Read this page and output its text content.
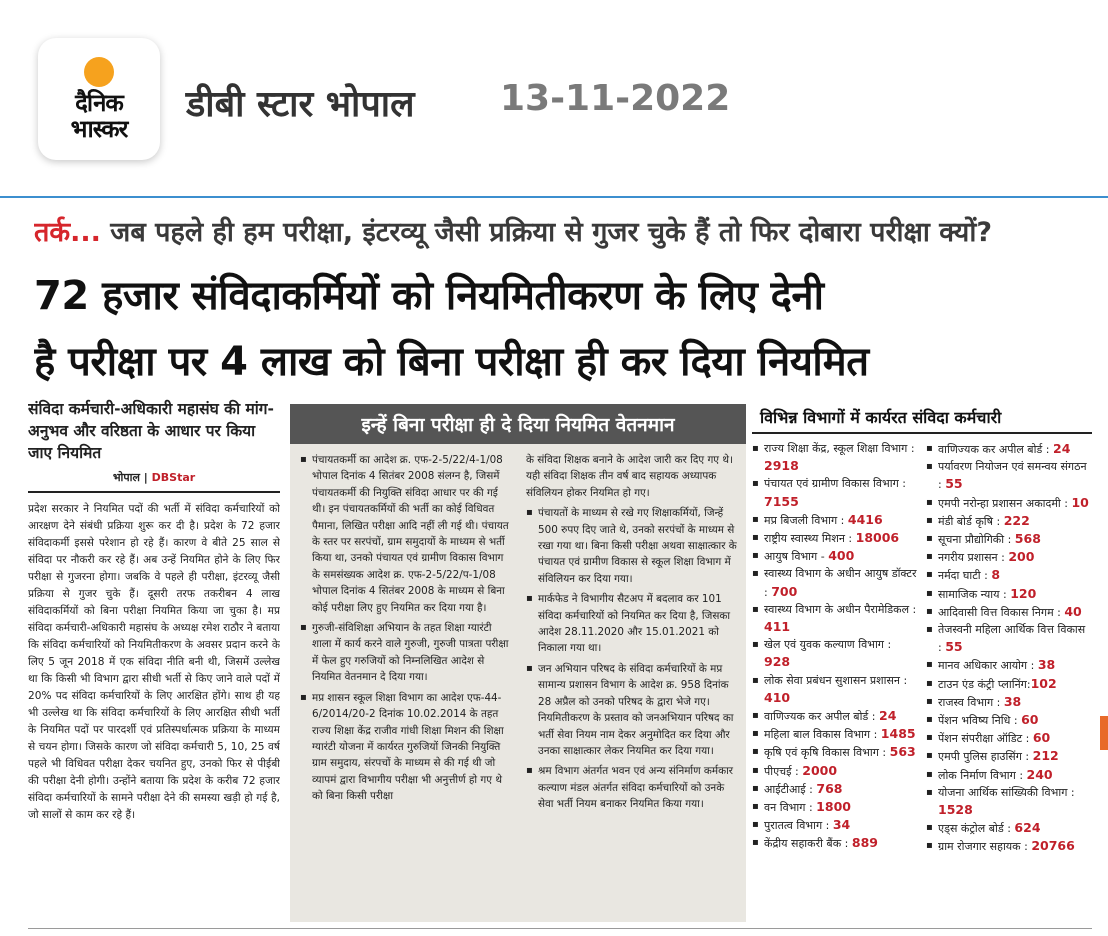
दैनिक
भास्कर
डीबी स्टार भोपाल 13-11-2022
तर्क... जब पहले ही हम परीक्षा, इंटरव्यू जैसी प्रक्रिया से गुजर चुके हैं तो फिर दोबारा परीक्षा क्यों?
72 हजार संविदाकर्मियों को नियमितीकरण के लिए देनी
है परीक्षा पर 4 लाख को बिना परीक्षा ही कर दिया नियमित
संविदा कर्मचारी-अधिकारी महासंघ की मांग- अनुभव और वरिष्ठता के आधार पर किया जाए नियमित
भोपाल | DBStar
प्रदेश सरकार ने नियमित पदों की भर्ती में संविदा कर्मचारियों को आरक्षण देने संबंधी प्रक्रिया शुरू कर दी है। प्रदेश के 72 हजार संविदाकर्मी इससे परेशान हो रहे हैं। कारण वे बीते 25 साल से संविदा पर नौकरी कर रहे हैं। अब उन्हें नियमित होने के लिए फिर परीक्षा से गुजरना होगा। जबकि वे पहले ही परीक्षा, इंटरव्यू जैसी प्रक्रिया से गुजर चुके हैं। दूसरी तरफ तकरीबन 4 लाख संविदाकर्मियों को बिना परीक्षा नियमित किया जा चुका है। मप्र संविदा कर्मचारी-अधिकारी महासंघ के अध्यक्ष रमेश राठौर ने बताया कि संविदा कर्मचारियों को नियमितीकरण के अवसर प्रदान करने के लिए 5 जून 2018 में एक संविदा नीति बनी थी, जिसमें उल्लेख था कि किसी भी विभाग द्वारा सीधी भर्ती से किए जाने वाले पदों में 20% पद संविदा कर्मचारियों के लिए आरक्षित होंगे। साथ ही यह भी उल्लेख था कि संविदा कर्मचारियों के लिए आरक्षित सीधी भर्ती के नियमित पदों पर पारदर्शी एवं प्रतिस्पर्धात्मक प्रक्रिया के माध्यम से चयन होगा। जिसके कारण जो संविदा कर्मचारी 5, 10, 25 वर्ष पहले भी विधिवत परीक्षा देकर चयनित हुए, उनको फिर से पीईबी की परीक्षा देनी होगी। उन्होंने बताया कि प्रदेश के करीब 72 हजार संविदा कर्मचारियों के सामने परीक्षा देने की समस्या खड़ी हो गई है, जो सालों से काम कर रहे हैं।
इन्हें बिना परीक्षा ही दे दिया नियमित वेतनमान
▪ पंचायतकर्मी का आदेश क्र. एफ-2-5/22/4-1/08 भोपाल दिनांक 4 सितंबर 2008 संलग्न है, जिसमें पंचायतकर्मी की नियुक्ति संविदा आधार पर की गई थी। इन पंचायतकर्मियों की भर्ती का कोई विधिवत पैमाना, लिखित परीक्षा आदि नहीं ली गई थी। पंचायत के स्तर पर सरपंचों, ग्राम समुदायों के माध्यम से भर्ती किया था, उनको पंचायत एवं ग्रामीण विकास विभाग के समसंख्यक आदेश क्र. एफ-2-5/22/प-1/08 भोपाल दिनांक 4 सितंबर 2008 के माध्यम से बिना कोई परीक्षा लिए हुए नियमित कर दिया गया है।
▪ गुरुजी-संविशिक्षा अभियान के तहत शिक्षा ग्यारंटी शाला में कार्य करने वाले गुरुजी, गुरुजी पात्रता परीक्षा में फेल हुए गरुजियों को निम्नलिखित आदेश से नियमित वेतनमान दे दिया गया।
▪ मप्र शासन स्कूल शिक्षा विभाग का आदेश एफ-44-6/2014/20-2 दिनांक 10.02.2014 के तहत राज्य शिक्षा केंद्र राजीव गांधी शिक्षा मिशन की शिक्षा ग्यारंटी योजना में कार्यरत गुरुजियों जिनकी नियुक्ति ग्राम समुदाय, संरपचों के माध्यम से की गई थी जो व्यापमं द्वारा विभागीय परीक्षा भी अनुत्तीर्ण हो गए थे को बिना किसी परीक्षा
के संविदा शिक्षक बनाने के आदेश जारी कर दिए गए थे। यही संविदा शिक्षक तीन वर्ष बाद सहायक अध्यापक संविलियन होकर नियमित हो गए।
▪ पंचायतों के माध्यम से रखे गए शिक्षाकर्मियों, जिन्हें 500 रुपए दिए जाते थे, उनको सरपंचों के माध्यम से रखा गया था। बिना किसी परीक्षा अथवा साक्षात्कार के पंचायत एवं ग्रामीण विकास से स्कूल शिक्षा विभाग में संविलियन कर दिया गया।
▪ मार्कफेड ने विभागीय सैटअप में बदलाव कर 101 संविदा कर्मचारियों को नियमित कर दिया है, जिसका आदेश 28.11.2020 और 15.01.2021 को निकाला गया था।
▪ जन अभियान परिषद के संविदा कर्मचारियों के मप्र सामान्य प्रशासन विभाग के आदेश क्र. 958 दिनांक 28 अप्रैल को उनको परिषद के द्वारा भेजे गए। नियमितीकरण के प्रस्ताव को जनअभियान परिषद का भर्ती सेवा नियम नाम देकर अनुमोदित कर दिया और उनका साक्षात्कार लेकर नियमित कर दिया गया।
▪ श्रम विभाग अंतर्गत भवन एवं अन्य संनिर्माण कर्मकार कल्याण मंडल अंतर्गत संविदा कर्मचारियों को उनके सेवा भर्ती नियम बनाकर नियमित किया गया।
विभिन्न विभागों में कार्यरत संविदा कर्मचारी
▪ राज्य शिक्षा केंद्र, स्कूल शिक्षा विभाग : 2918
▪ पंचायत एवं ग्रामीण विकास विभाग : 7155
▪ मप्र बिजली विभाग : 4416
▪ राष्ट्रीय स्वास्थ्य मिशन : 18006
▪ आयुष विभाग - 400
▪ स्वास्थ्य विभाग के अधीन आयुष डॉक्टर : 700
▪ स्वास्थ्य विभाग के अधीन पैरामेडिकल : 411
▪ खेल एवं युवक कल्याण विभाग : 928
▪ लोक सेवा प्रबंधन सुशासन प्रशासन : 410
▪ वाणिज्यक कर अपील बोर्ड : 24
▪ महिला बाल विकास विभाग : 1485
▪ कृषि एवं कृषि विकास विभाग : 563
▪ पीएचई : 2000
▪ आईटीआई : 768
▪ वन विभाग : 1800
▪ पुरातत्व विभाग : 34
▪ केंद्रीय सहाकरी बैंक : 889
▪ वाणिज्यक कर अपील बोर्ड : 24
▪ पर्यावरण नियोजन एवं समन्वय संगठन : 55
▪ एमपी नरोन्हा प्रशासन अकादमी : 10
▪ मंडी बोर्ड कृषि : 222
▪ सूचना प्रौद्योगिकी : 568
▪ नगरीय प्रशासन : 200
▪ नर्मदा घाटी : 8
▪ सामाजिक न्याय : 120
▪ आदिवासी वित्त विकास निगम : 40
▪ तेजस्वनी महिला आर्थिक वित्त विकास : 55
▪ मानव अधिकार आयोग : 38
▪ टाउन एंड कंट्री प्लानिंग:102
▪ राजस्व विभाग : 38
▪ पेंशन भविष्य निधि : 60
▪ पेंशन संपरीक्षा ऑडिट : 60
▪ एमपी पुलिस हाउसिंग : 212
▪ लोक निर्माण विभाग : 240
▪ योजना आर्थिक सांख्यिकी विभाग : 1528
▪ एड्स कंट्रोल बोर्ड : 624
▪ ग्राम रोजगार सहायक : 20766
